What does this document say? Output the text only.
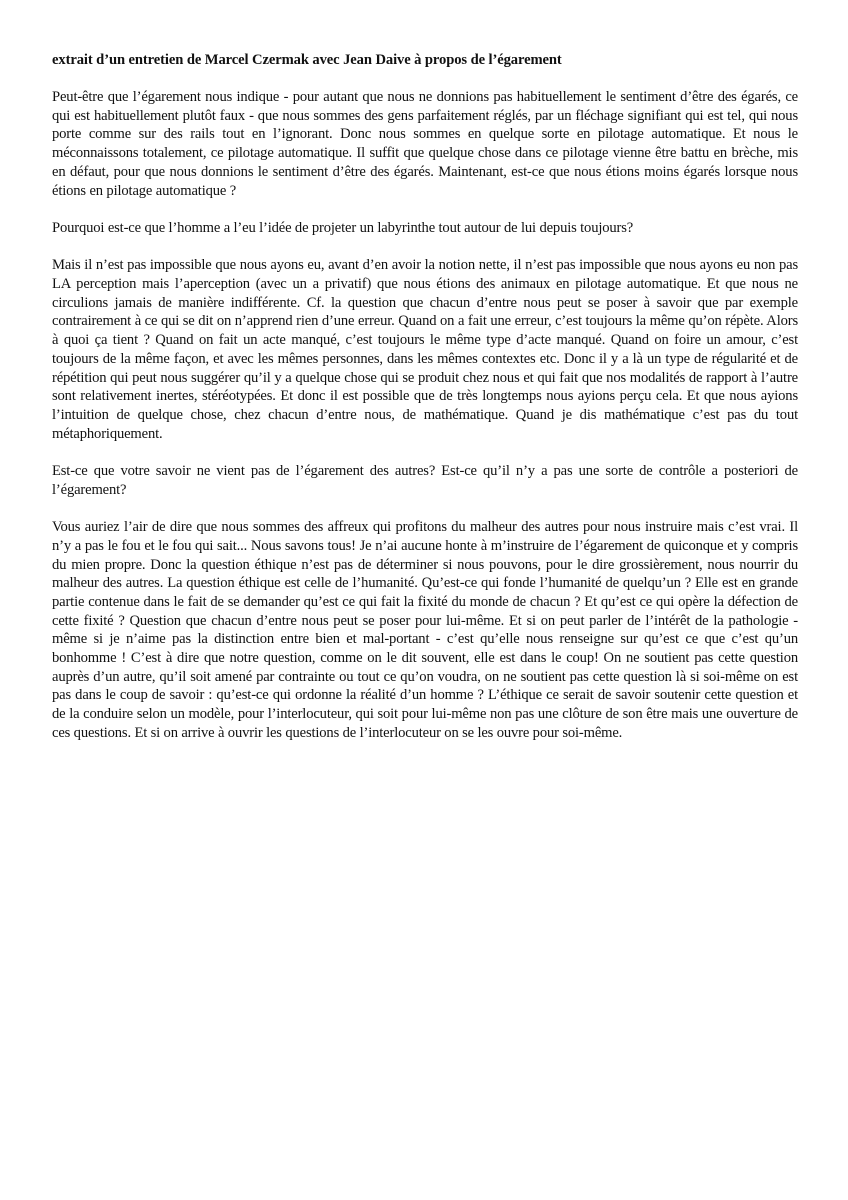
extrait d’un entretien de Marcel Czermak avec Jean Daive à propos de l’égarement

Peut-être que l’égarement nous indique - pour autant que nous ne donnions pas habituellement le sentiment d’être des égarés, ce qui est habituellement plutôt faux - que nous sommes des gens parfaitement réglés, par un fléchage signifiant qui est tel, qui nous porte comme sur des rails tout en l’ignorant. Donc nous sommes en quelque sorte en pilotage automatique. Et nous le méconnaissons totalement, ce pilotage automatique. Il suffit que quelque chose dans ce pilotage vienne être battu en brèche, mis en défaut, pour que nous donnions le sentiment d’être des égarés. Maintenant, est-ce que nous étions moins égarés lorsque nous étions en pilotage automatique ?

Pourquoi est-ce que l’homme a l’eu l’idée de projeter un labyrinthe tout autour de lui depuis toujours?

Mais il n’est pas impossible que nous ayons eu, avant d’en avoir la notion nette, il n’est pas impossible que nous ayons eu non pas LA perception mais l’aperception (avec un a privatif) que nous étions des animaux en pilotage automatique. Et que nous ne circulions jamais de manière indifférente. Cf. la question que chacun d’entre nous peut se poser à savoir que par exemple contrairement à ce qui se dit on n’apprend rien d’une erreur. Quand on a fait une erreur, c’est toujours la même qu’on répète. Alors à quoi ça tient ? Quand on fait un acte manqué, c’est toujours le même type d’acte manqué. Quand on foire un amour, c’est toujours de la même façon, et avec les mêmes personnes, dans les mêmes contextes etc. Donc il y a là un type de régularité et de répétition qui peut nous suggérer qu’il y a quelque chose qui se produit chez nous et qui fait que nos modalités de rapport à l’autre sont relativement inertes, stéréotypées. Et donc il est possible que de très longtemps nous ayions perçu cela. Et que nous ayions l’intuition de quelque chose, chez chacun d’entre nous, de mathématique. Quand je dis mathématique c’est pas du tout métaphoriquement.

Est-ce que votre savoir ne vient pas de l’égarement des autres? Est-ce qu’il n’y a pas une sorte de contrôle a posteriori de l’égarement?

Vous auriez l’air de dire que nous sommes des affreux qui profitons du malheur des autres pour nous instruire mais c’est vrai. Il n’y a pas le fou et le fou qui sait... Nous savons tous! Je n’ai aucune honte à m’instruire de l’égarement de quiconque et y compris du mien propre. Donc la question éthique n’est pas de déterminer si nous pouvons, pour le dire grossièrement, nous nourrir du malheur des autres. La question éthique est celle de l’humanité. Qu’est-ce qui fonde l’humanité de quelqu’un ? Elle est en grande partie contenue dans le fait de se demander qu’est ce qui fait la fixité du monde de chacun ? Et qu’est ce qui opère la défection de cette fixité ? Question que chacun d’entre nous peut se poser pour lui-même. Et si on peut parler de l’intérêt de la pathologie - même si je n’aime pas la distinction entre bien et mal-portant - c’est qu’elle nous renseigne sur qu’est ce que c’est qu’un bonhomme ! C’est à dire que notre question, comme on le dit souvent, elle est dans le coup! On ne soutient pas cette question auprès d’un autre, qu’il soit amené par contrainte ou tout ce qu’on voudra, on ne soutient pas cette question là si soi-même on est pas dans le coup de savoir : qu’est-ce qui ordonne la réalité d’un homme ? L’éthique ce serait de savoir soutenir cette question et de la conduire selon un modèle, pour l’interlocuteur, qui soit pour lui-même non pas une clôture de son être mais une ouverture de ces questions. Et si on arrive à ouvrir les questions de l’interlocuteur on se les ouvre pour soi-même.
